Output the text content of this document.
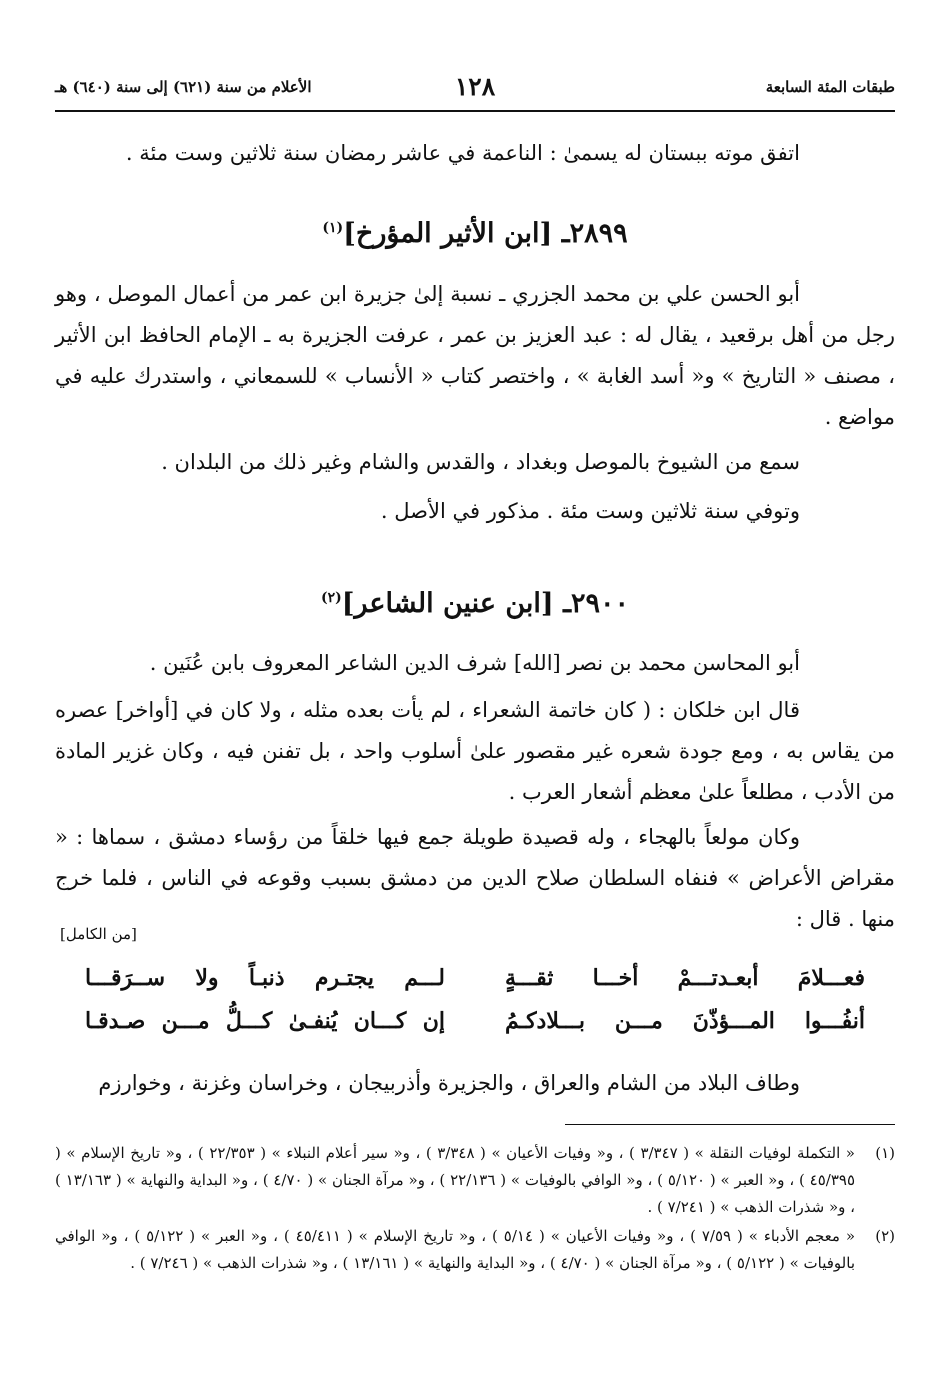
طبقات المئة السابعة
١٢٨
الأعلام من سنة (٦٢١) إلى سنة (٦٤٠) هـ

اتفق موته ببستان له يسمىٰ : الناعمة في عاشر رمضان سنة ثلاثين وست مئة .

٢٨٩٩ـ [ابن الأثير المؤرخ]$^{(١)}$

أبو الحسن علي بن محمد الجزري ـ نسبة إلىٰ جزيرة ابن عمر من أعمال الموصل ، وهو رجل من أهل برقعيد ، يقال له : عبد العزيز بن عمر ، عرفت الجزيرة به ـ الإمام الحافظ ابن الأثير ، مصنف « التاريخ » و« أسد الغابة » ، واختصر كتاب « الأنساب » للسمعاني ، واستدرك عليه في مواضع .

سمع من الشيوخ بالموصل وبغداد ، والقدس والشام وغير ذلك من البلدان .

وتوفي سنة ثلاثين وست مئة . مذكور في الأصل .

٢٩٠٠ـ [ابن عنين الشاعر]$^{(٢)}$

أبو المحاسن محمد بن نصر [الله] شرف الدين الشاعر المعروف بابن عُنَين .

قال ابن خلكان : ( كان خاتمة الشعراء ، لم يأت بعده مثله ، ولا كان في [أواخر] عصره من يقاس به ، ومع جودة شعره غير مقصور علىٰ أسلوب واحد ، بل تفنن فيه ، وكان غزير المادة من الأدب ، مطلعاً علىٰ معظم أشعار العرب .

وكان مولعاً بالهجاء ، وله قصيدة طويلة جمع فيها خلقاً من رؤساء دمشق ، سماها : « مقراض الأعراض » فنفاه السلطان صلاح الدين من دمشق بسبب وقوعه في الناس ، فلما خرج منها . قال :

[من الكامل]
فعـــلامَ أبعـدتـــمْ أخـــا ثقـــةٍ
لـــم يجتـرم ذنبـاً ولا ســرَقـــا
أنفُـــوا المـــؤذّنَ مـــن بـــلادكـمُ
إن كـــان يُنفـىٰ كـــلُّ مـــن صـدقـا

وطاف البلاد من الشام والعراق ، والجزيرة وأذربيجان ، وخراسان وغزنة ، وخوارزم

(١)
« التكملة لوفيات النقلة » ( ٣/٣٤٧ ) ، و« وفيات الأعيان » ( ٣/٣٤٨ ) ، و« سير أعلام النبلاء » ( ٢٢/٣٥٣ ) ، و« تاريخ الإسلام » ( ٤٥/٣٩٥ ) ، و« العبر » ( ٥/١٢٠ ) ، و« الوافي بالوفيات » ( ٢٢/١٣٦ ) ، و« مرآة الجنان » ( ٤/٧٠ ) ، و« البداية والنهاية » ( ١٣/١٦٣ ) ، و« شذرات الذهب » ( ٧/٢٤١ ) .
(٢)
« معجم الأدباء » ( ٧/٥٩ ) ، و« وفيات الأعيان » ( ٥/١٤ ) ، و« تاريخ الإسلام » ( ٤٥/٤١١ ) ، و« العبر » ( ٥/١٢٢ ) ، و« الوافي بالوفيات » ( ٥/١٢٢ ) ، و« مرآة الجنان » ( ٤/٧٠ ) ، و« البداية والنهاية » ( ١٣/١٦١ ) ، و« شذرات الذهب » ( ٧/٢٤٦ ) .
